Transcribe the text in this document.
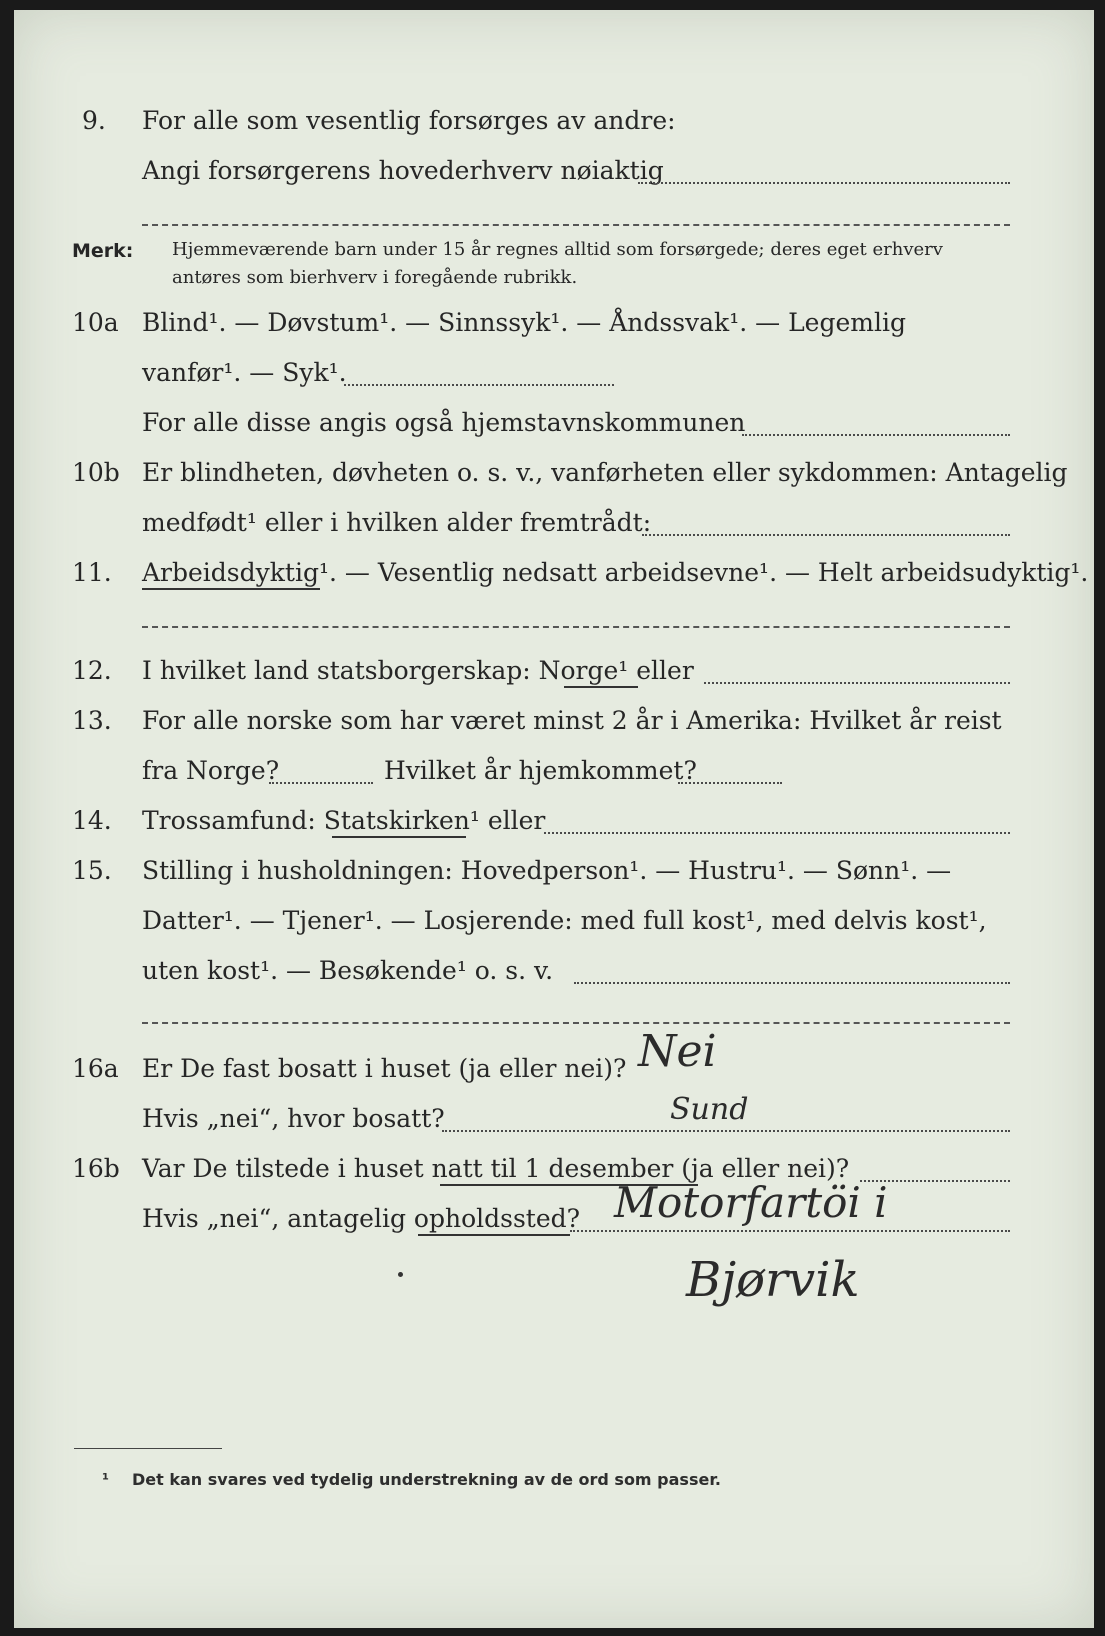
9. For alle som vesentlig forsørges av andre:
Angi forsørgerens hovederhverv nøiaktig
Merk: Hjemmeværende barn under 15 år regnes alltid som forsørgede; deres eget erhverv
antøres som bierhverv i foregående rubrikk.
10a Blind¹. — Døvstum¹. — Sinnssyk¹. — Åndssvak¹. — Legemlig
vanfør¹. — Syk¹.
For alle disse angis også hjemstavnskommunen
10b Er blindheten, døvheten o. s. v., vanførheten eller sykdommen: Antagelig
medfødt¹ eller i hvilken alder fremtrådt:
11. Arbeidsdyktig¹. — Vesentlig nedsatt arbeidsevne¹. — Helt arbeidsudyktig¹.
12. I hvilket land statsborgerskap: Norge¹ eller
13. For alle norske som har været minst 2 år i Amerika: Hvilket år reist
fra Norge?	Hvilket år hjemkommet?
14. Trossamfund: Statskirken¹ eller
15. Stilling i husholdningen: Hovedperson¹. — Hustru¹. — Sønn¹. —
Datter¹. — Tjener¹. — Losjerende: med full kost¹, med delvis kost¹,
uten kost¹. — Besøkende¹ o. s. v.
16a Er De fast bosatt i huset (ja eller nei)? Nei
Hvis „nei“, hvor bosatt?	Sund
16b Var De tilstede i huset natt til 1 desember (ja eller nei)?
Hvis „nei“, antagelig opholdssted? Motorfartöi i
Bjørvik
¹ Det kan svares ved tydelig understrekning av de ord som passer.
